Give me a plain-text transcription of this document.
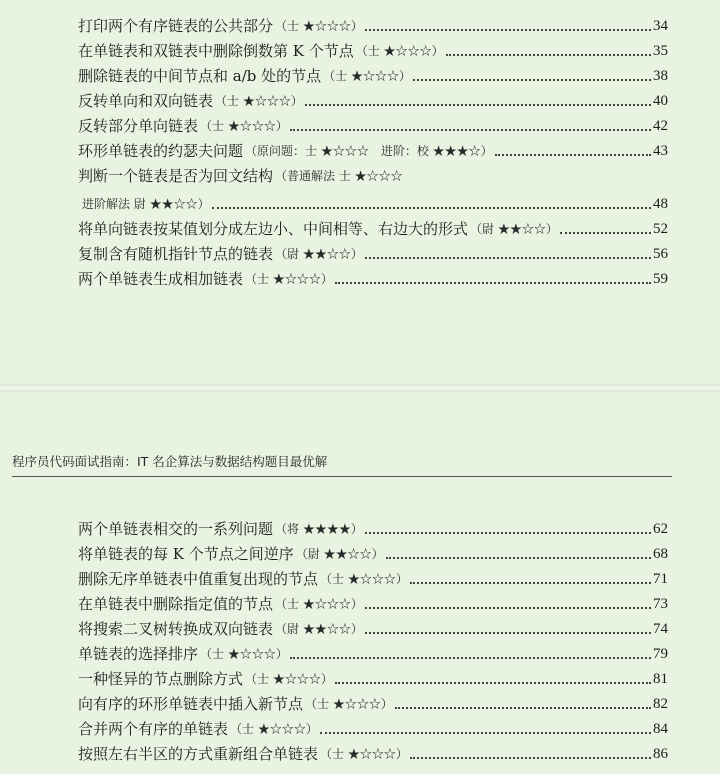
打印两个有序链表的公共部分 （士 ★☆☆☆）	34
在单链表和双链表中删除倒数第 K 个节点 （士 ★☆☆☆）	35
删除链表的中间节点和 a/b 处的节点 （士 ★☆☆☆）	38
反转单向和双向链表 （士 ★☆☆☆）	40
反转部分单向链表 （士 ★☆☆☆）	42
环形单链表的约瑟夫问题 （原问题：士 ★☆☆☆　进阶：校 ★★★☆）	43
判断一个链表是否为回文结构 （普通解法 士 ★☆☆☆
进阶解法 尉 ★★☆☆）	48
将单向链表按某值划分成左边小、中间相等、右边大的形式 （尉 ★★☆☆）	52
复制含有随机指针节点的链表 （尉 ★★☆☆）	56
两个单链表生成相加链表 （士 ★☆☆☆）	59
程序员代码面试指南：IT 名企算法与数据结构题目最优解
两个单链表相交的一系列问题 （将 ★★★★）	62
将单链表的每 K 个节点之间逆序 （尉 ★★☆☆）	68
删除无序单链表中值重复出现的节点 （士 ★☆☆☆）	71
在单链表中删除指定值的节点 （士 ★☆☆☆）	73
将搜索二叉树转换成双向链表 （尉 ★★☆☆）	74
单链表的选择排序 （士 ★☆☆☆）	79
一种怪异的节点删除方式 （士 ★☆☆☆）	81
向有序的环形单链表中插入新节点 （士 ★☆☆☆）	82
合并两个有序的单链表 （士 ★☆☆☆）	84
按照左右半区的方式重新组合单链表 （士 ★☆☆☆）	86
